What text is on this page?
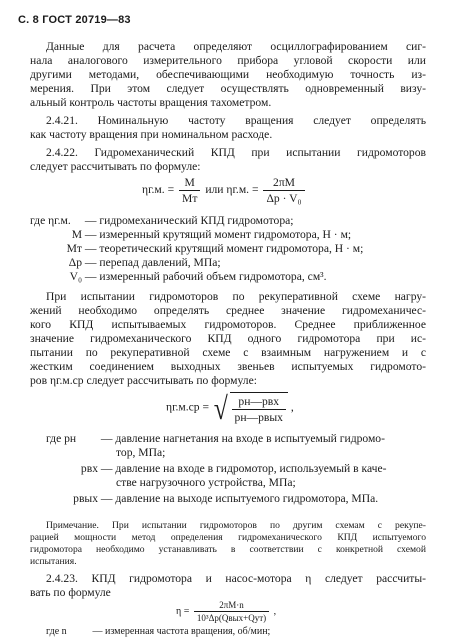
С. 8 ГОСТ 20719—83
Данные для расчета определяют осциллографированием сиг-
нала аналогового измерительного прибора угловой скорости или
другими методами, обеспечивающими необходимую точность из-
мерения. При этом следует осуществлять одновременный визу-
альный контроль частоты вращения тахометром.
2.4.21. Номинальную частоту вращения следует определять
как частоту вращения при номинальном расходе.
2.4.22. Гидромеханический КПД при испытании гидромоторов
следует рассчитывать по формуле:
ηг.м. = $\frac{M}{Mт}$ или ηг.м. = $\frac{2\pi M}{\text{Δp · V₀}}$
где ηг.м. — гидромеханический КПД гидромотора;
M — измеренный крутящий момент гидромотора, Н · м;
Mт — теоретический крутящий момент гидромотора, Н · м;
Δp — перепад давлений, МПа;
V₀ — измеренный рабочий объем гидромотора, см³.
При испытании гидромоторов по рекуперативной схеме нагру-
жений необходимо определять среднее значение гидромеханичес-
кого КПД испытываемых гидромоторов. Среднее приближенное
значение гидромеханического КПД одного гидромотора при ис-
пытании по рекуперативной схеме с взаимным нагружением и с
жестким соединением выходных звеньев испытуемых гидромото-
ров ηг.м.ср следует рассчитывать по формуле:
ηг.м.ср = √ $\frac{\text{pн—pвх}}{\text{pн—pвых}}$ ,
где pн — давление нагнетания на входе в испытуемый гидромо-
тор, МПа;
pвх — давление на входе в гидромотор, используемый в каче-
стве нагрузочного устройства, МПа;
pвых — давление на выходе испытуемого гидромотора, МПа.
Примечание. При испытании гидромоторов по другим схемам с рекупе-
рацией мощности метод определения гидромеханического КПД испытуемого
гидромотора необходимо устанавливать в соответствии с конкретной схемой
испытания.
2.4.23. КПД гидромотора и насос-мотора η следует рассчиты-
вать по формуле
$\eta = \frac{2\pi M\cdot n}{\text{10³Δp(Qвых+Qут)}}$ ,
где n	— измеренная частота вращения, об/мин;
